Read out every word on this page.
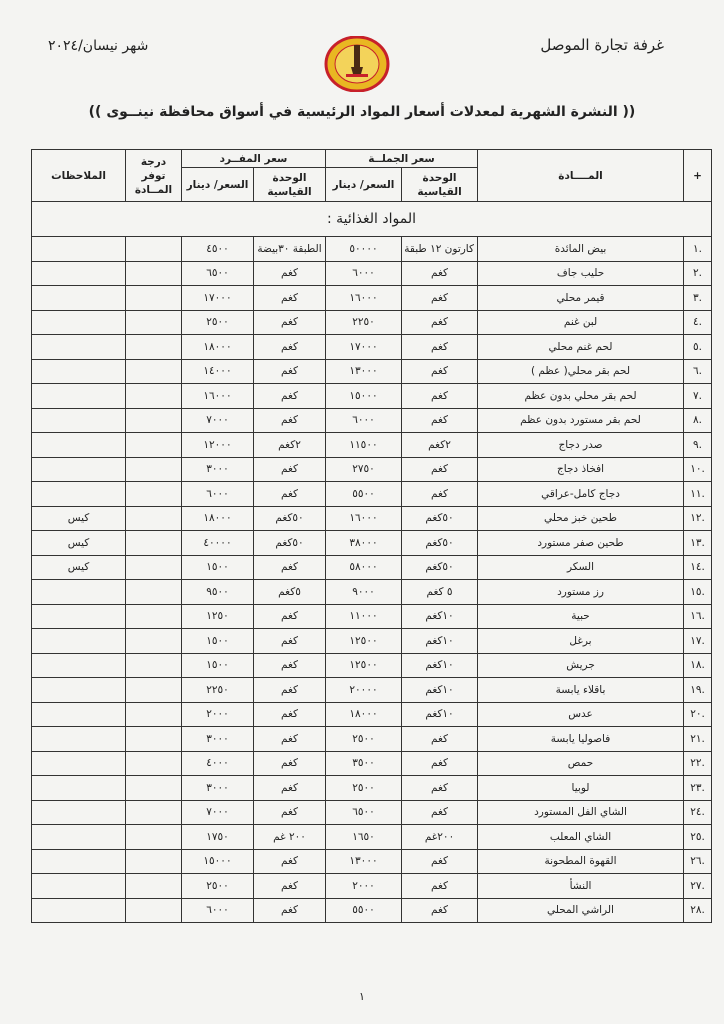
غرفة تجارة الموصل
شهر نيسان/٢٠٢٤
(( النشرة الشهرية لمعدلات أسعار المواد الرئيسية في أسواق محافظة نينــوى ))
+	المــــادة	سعر الجملــة		سعر المفــرد		درجة توفر المــادة	الملاحظات
		الوحدة القياسية	السعر/ دينار	الوحدة القياسية	السعر/ دينار		
المواد الغذائية :							
.١	بيض المائدة	كارتون ١٢ طبقة	٥٠٠٠٠	الطبقة ٣٠بيضة	٤٥٠٠		
.٢	حليب جاف	كغم	٦٠٠٠	كغم	٦٥٠٠		
.٣	قيمر محلي	كغم	١٦٠٠٠	كغم	١٧٠٠٠		
.٤	لبن غنم	كغم	٢٢٥٠	كغم	٢٥٠٠		
.٥	لحم غنم محلي	كغم	١٧٠٠٠	كغم	١٨٠٠٠		
.٦	لحم بقر محلي( عظم )	كغم	١٣٠٠٠	كغم	١٤٠٠٠		
.٧	لحم بقر محلي بدون عظم	كغم	١٥٠٠٠	كغم	١٦٠٠٠		
.٨	لحم بقر مستورد بدون عظم	كغم	٦٠٠٠	كغم	٧٠٠٠		
.٩	صدر دجاج	٢كغم	١١٥٠٠	٢كغم	١٢٠٠٠		
.١٠	افخاذ دجاج	كغم	٢٧٥٠	كغم	٣٠٠٠		
.١١	دجاج كامل-عراقي	كغم	٥٥٠٠	كغم	٦٠٠٠		
.١٢	طحين خبز محلي	٥٠كغم	١٦٠٠٠	٥٠كغم	١٨٠٠٠		كيس
.١٣	طحين صفر مستورد	٥٠كغم	٣٨٠٠٠	٥٠كغم	٤٠٠٠٠		كيس
.١٤	السكر	٥٠كغم	٥٨٠٠٠	كغم	١٥٠٠		كيس
.١٥	رز مستورد	٥ كغم	٩٠٠٠	٥كغم	٩٥٠٠		
.١٦	حبية	١٠كغم	١١٠٠٠	كغم	١٢٥٠		
.١٧	برغل	١٠كغم	١٢٥٠٠	كغم	١٥٠٠		
.١٨	جريش	١٠كغم	١٢٥٠٠	كغم	١٥٠٠		
.١٩	باقلاء يابسة	١٠كغم	٢٠٠٠٠	كغم	٢٢٥٠		
.٢٠	عدس	١٠كغم	١٨٠٠٠	كغم	٢٠٠٠		
.٢١	فاصوليا يابسة	كغم	٢٥٠٠	كغم	٣٠٠٠		
.٢٢	حمص	كغم	٣٥٠٠	كغم	٤٠٠٠		
.٢٣	لوبيا	كغم	٢٥٠٠	كغم	٣٠٠٠		
.٢٤	الشاي الفل المستورد	كغم	٦٥٠٠	كغم	٧٠٠٠		
.٢٥	الشاي المعلب	٢٠٠غم	١٦٥٠	٢٠٠ غم	١٧٥٠		
.٢٦	القهوة المطحونة	كغم	١٣٠٠٠	كغم	١٥٠٠٠		
.٢٧	النشأ	كغم	٢٠٠٠	كغم	٢٥٠٠		
.٢٨	الراشي المحلي	كغم	٥٥٠٠	كغم	٦٠٠٠		
١
